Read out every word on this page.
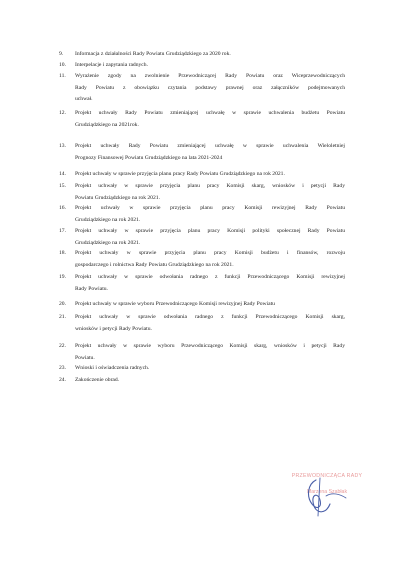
9. Informacja z działalności Rady Powiatu Grudziądzkiego za 2020 rok.
10. Interpelacje i zapytania radnych.
11. Wyrażenie zgody na zwolnienie Przewodniczącej Rady Powiatu oraz Wiceprzewodniczących
Rady Powiatu z obowiązku czytania podstawy prawnej oraz załączników podejmowanych
uchwał.
12. Projekt uchwały Rady Powiatu zmieniającej uchwałę w sprawie uchwalenia budżetu Powiatu
Grudziądzkiego na 2021rok.
13. Projekt uchwały Rady Powiatu zmieniającej uchwałę w sprawie uchwalenia Wieloletniej
Prognozy Finansowej Powiatu Grudziądzkiego na lata 2021-2024
14. Projekt uchwały w sprawie przyjęcia planu pracy Rady Powiatu Grudziądzkiego na rok 2021.
15. Projekt uchwały w sprawie przyjęcia planu pracy Komisji skarg, wniosków i petycji Rady
Powiatu Grudziądzkiego na rok 2021.
16. Projekt uchwały w sprawie przyjęcia planu pracy Komisji rewizyjnej Rady Powiatu
Grudziądzkiego na rok 2021.
17. Projekt uchwały w sprawie przyjęcia planu pracy Komisji polityki społecznej Rady Powiatu
Grudziądzkiego na rok 2021.
18. Projekt uchwały w sprawie przyjęcia planu pracy Komisji budżetu i finansów, rozwoju
gospodarczego i rolnictwa Rady Powiatu Grudziądzkiego na rok 2021.
19. Projekt uchwały w sprawie odwołania radnego z funkcji Przewodniczącego Komisji rewizyjnej
Rady Powiatu.
20. Projekt uchwały w sprawie wyboru Przewodniczącego Komisji rewizyjnej Rady Powiatu
21. Projekt uchwały w sprawie odwołania radnego z funkcji Przewodniczącego Komisji skarg,
wniosków i petycji Rady Powiatu.
22. Projekt uchwały w sprawie wyboru Przewodniczącego Komisji skarg, wniosków i petycji Rady
Powiatu.
23. Wnioski i oświadczenia radnych.
24. Zakończenie obrad.
PRZEWODNICZĄCA RADY
Marzena Szabłak
